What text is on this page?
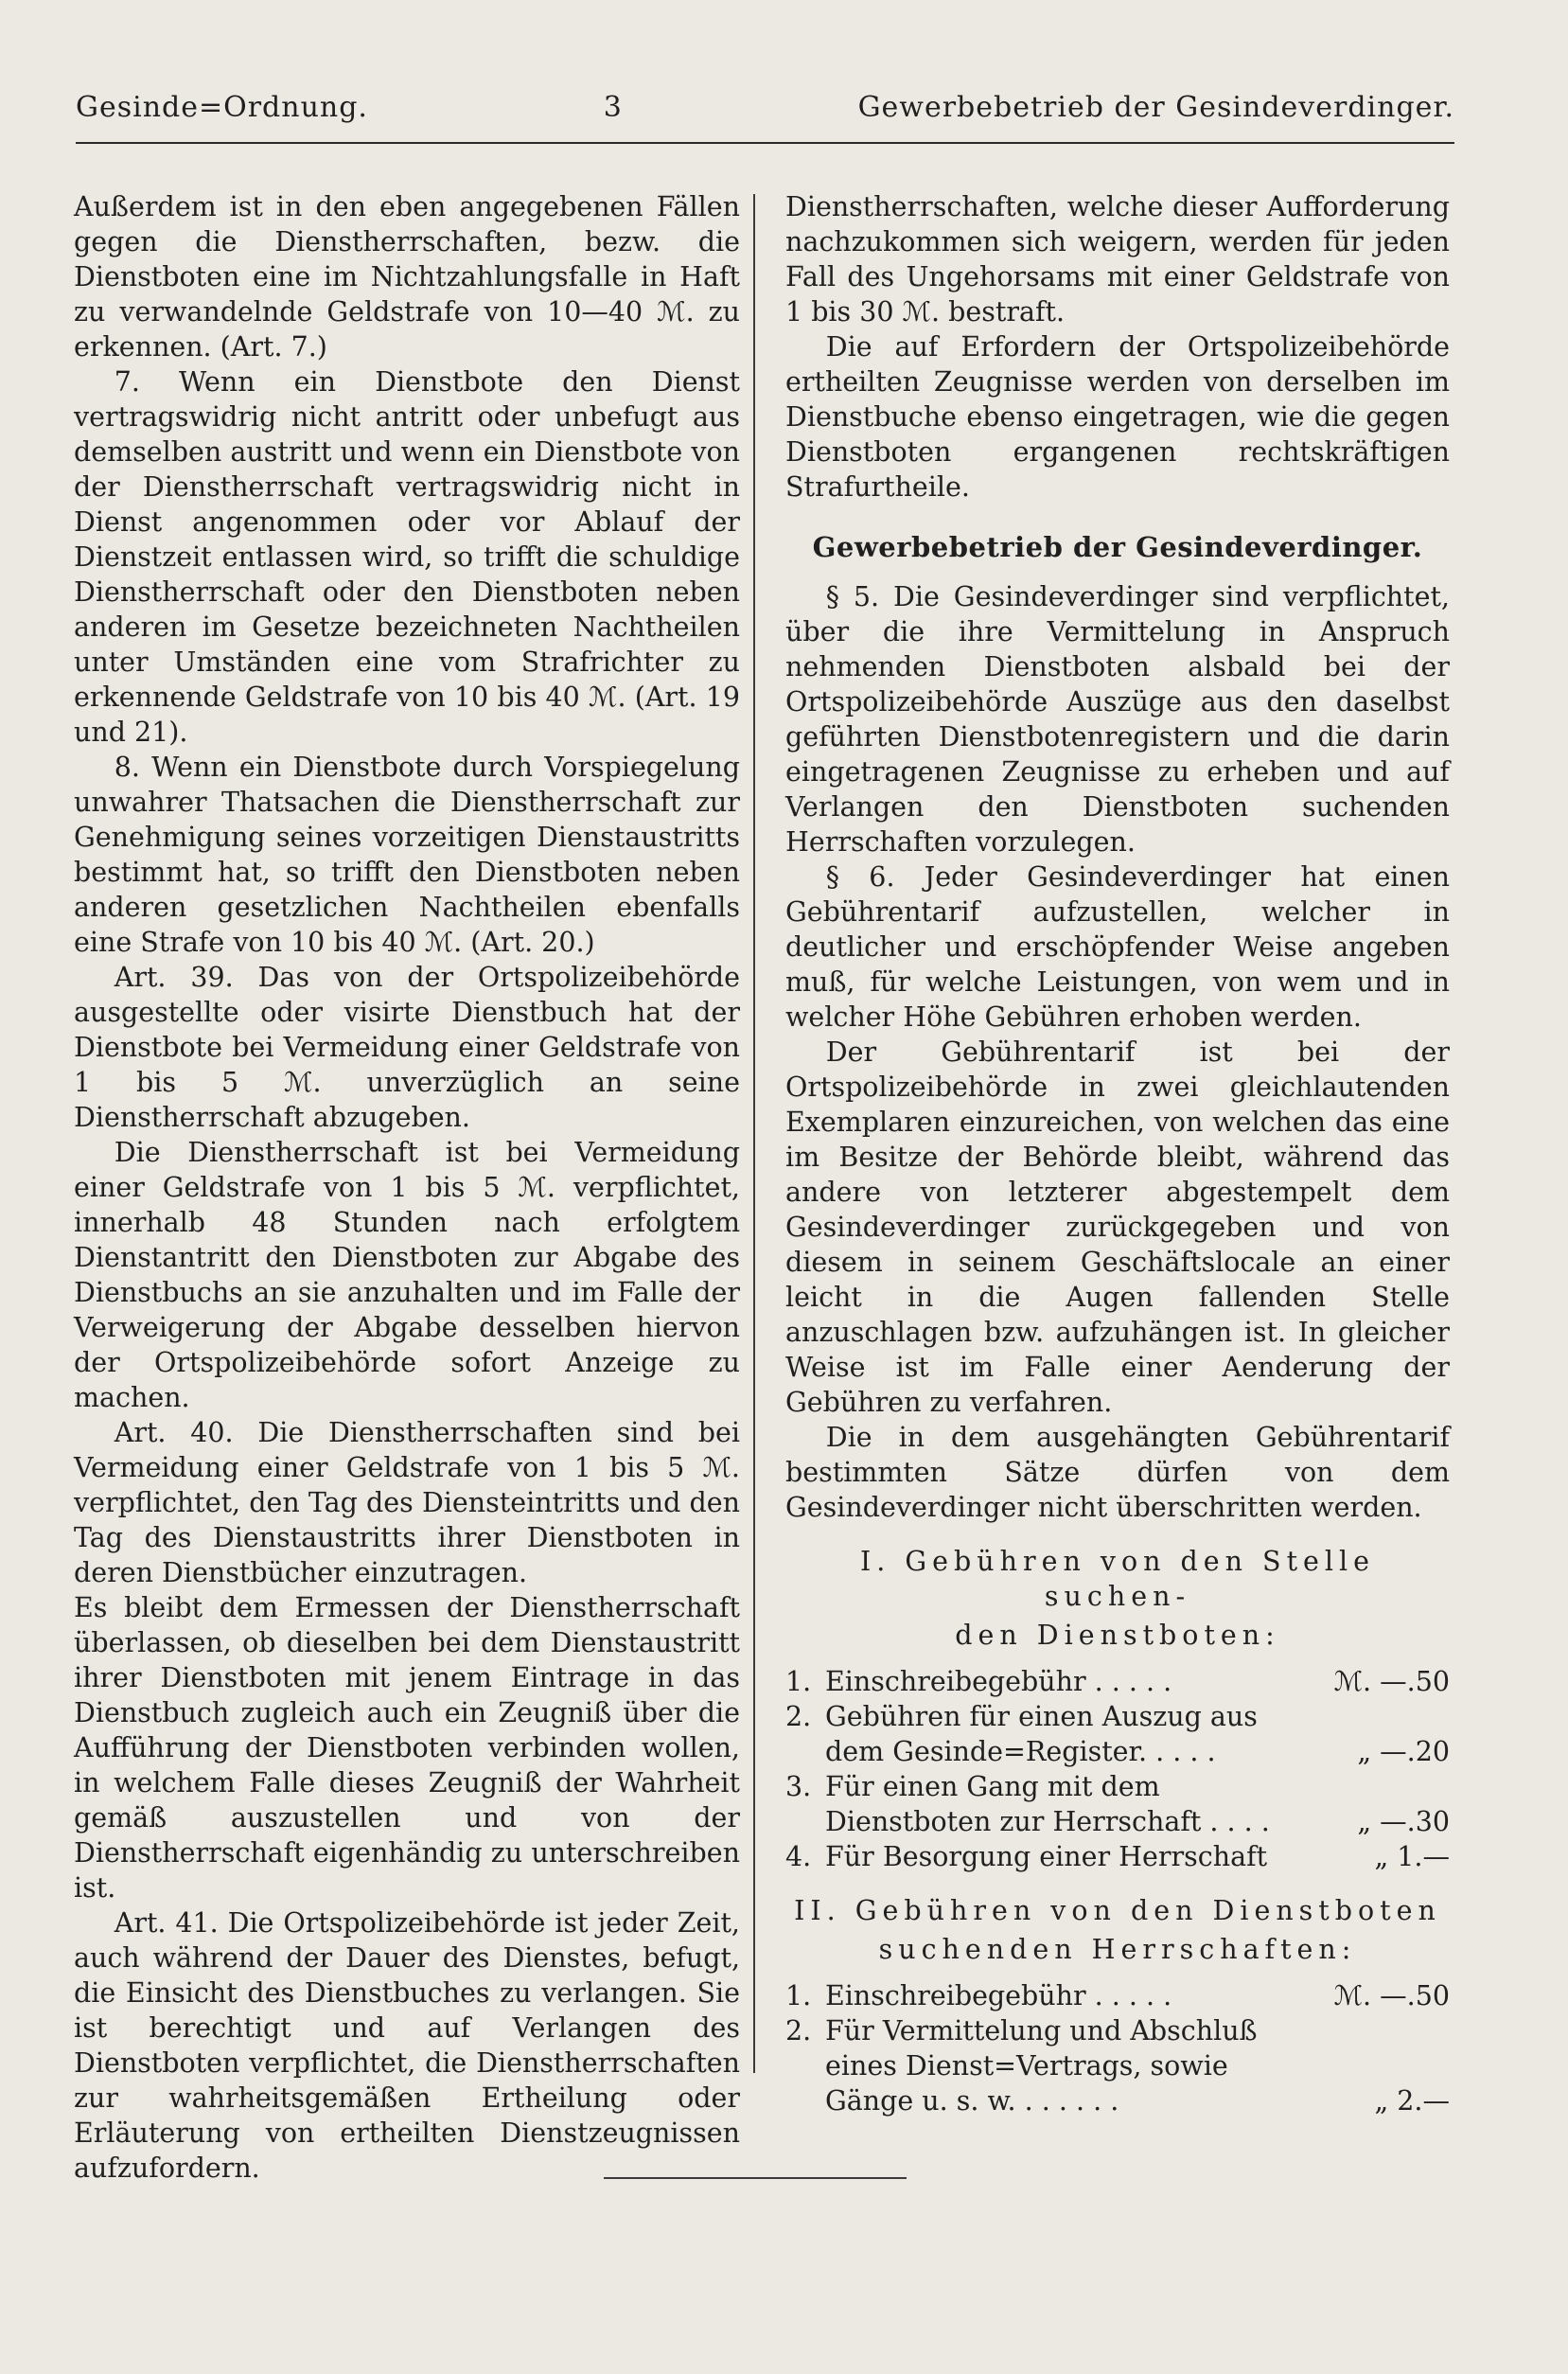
Gesinde=Ordnung.	3	Gewerbebetrieb der Gesindeverdinger.

Außerdem ist in den eben angegebenen Fällen gegen die Dienstherrschaften, bezw. die Dienstboten eine im Nichtzahlungsfalle in Haft zu verwandelnde Geldstrafe von 10—40 ℳ. zu erkennen. (Art. 7.)

7. Wenn ein Dienstbote den Dienst vertragswidrig nicht antritt oder unbefugt aus demselben austritt und wenn ein Dienstbote von der Dienstherrschaft vertragswidrig nicht in Dienst angenommen oder vor Ablauf der Dienstzeit entlassen wird, so trifft die schuldige Dienstherrschaft oder den Dienstboten neben anderen im Gesetze bezeichneten Nachtheilen unter Umständen eine vom Strafrichter zu erkennende Geldstrafe von 10 bis 40 ℳ. (Art. 19 und 21).

8. Wenn ein Dienstbote durch Vorspiegelung unwahrer Thatsachen die Dienstherrschaft zur Genehmigung seines vorzeitigen Dienstaustritts bestimmt hat, so trifft den Dienstboten neben anderen gesetzlichen Nachtheilen ebenfalls eine Strafe von 10 bis 40 ℳ. (Art. 20.)

Art. 39. Das von der Ortspolizeibehörde ausgestellte oder visirte Dienstbuch hat der Dienstbote bei Vermeidung einer Geldstrafe von 1 bis 5 ℳ. unverzüglich an seine Dienstherrschaft abzugeben.

Die Dienstherrschaft ist bei Vermeidung einer Geldstrafe von 1 bis 5 ℳ. verpflichtet, innerhalb 48 Stunden nach erfolgtem Dienstantritt den Dienstboten zur Abgabe des Dienstbuchs an sie anzuhalten und im Falle der Verweigerung der Abgabe desselben hiervon der Ortspolizeibehörde sofort Anzeige zu machen.

Art. 40. Die Dienstherrschaften sind bei Vermeidung einer Geldstrafe von 1 bis 5 ℳ. verpflichtet, den Tag des Diensteintritts und den Tag des Dienstaustritts ihrer Dienstboten in deren Dienstbücher einzutragen.

Es bleibt dem Ermessen der Dienstherrschaft überlassen, ob dieselben bei dem Dienstaustritt ihrer Dienstboten mit jenem Eintrage in das Dienstbuch zugleich auch ein Zeugniß über die Aufführung der Dienstboten verbinden wollen, in welchem Falle dieses Zeugniß der Wahrheit gemäß auszustellen und von der Dienstherrschaft eigenhändig zu unterschreiben ist.

Art. 41. Die Ortspolizeibehörde ist jeder Zeit, auch während der Dauer des Dienstes, befugt, die Einsicht des Dienstbuches zu verlangen. Sie ist berechtigt und auf Verlangen des Dienstboten verpflichtet, die Dienstherrschaften zur wahrheitsgemäßen Ertheilung oder Erläuterung von ertheilten Dienstzeugnissen aufzufordern.

Dienstherrschaften, welche dieser Aufforderung nachzukommen sich weigern, werden für jeden Fall des Ungehorsams mit einer Geldstrafe von 1 bis 30 ℳ. bestraft.

Die auf Erfordern der Ortspolizeibehörde ertheilten Zeugnisse werden von derselben im Dienstbuche ebenso eingetragen, wie die gegen Dienstboten ergangenen rechtskräftigen Strafurtheile.

Gewerbebetrieb der Gesindeverdinger.

§ 5. Die Gesindeverdinger sind verpflichtet, über die ihre Vermittelung in Anspruch nehmenden Dienstboten alsbald bei der Ortspolizeibehörde Auszüge aus den daselbst geführten Dienstbotenregistern und die darin eingetragenen Zeugnisse zu erheben und auf Verlangen den Dienstboten suchenden Herrschaften vorzulegen.

§ 6. Jeder Gesindeverdinger hat einen Gebührentarif aufzustellen, welcher in deutlicher und erschöpfender Weise angeben muß, für welche Leistungen, von wem und in welcher Höhe Gebühren erhoben werden.

Der Gebührentarif ist bei der Ortspolizeibehörde in zwei gleichlautenden Exemplaren einzureichen, von welchen das eine im Besitze der Behörde bleibt, während das andere von letzterer abgestempelt dem Gesindeverdinger zurückgegeben und von diesem in seinem Geschäftslocale an einer leicht in die Augen fallenden Stelle anzuschlagen bzw. aufzuhängen ist. In gleicher Weise ist im Falle einer Aenderung der Gebühren zu verfahren.

Die in dem ausgehängten Gebührentarif bestimmten Sätze dürfen von dem Gesindeverdinger nicht überschritten werden.

I. Gebühren von den Stelle suchen-
den Dienstboten:
1. Einschreibegebühr . . . . .	ℳ. —.50
2. Gebühren für einen Auszug aus dem Gesinde=Register. . . . .	„ —.20
3. Für einen Gang mit dem Dienstboten zur Herrschaft . . . .	„ —.30
4. Für Besorgung einer Herrschaft	„ 1.—
II. Gebühren von den Dienstboten
suchenden Herrschaften:
1. Einschreibegebühr . . . . .	ℳ. —.50
2. Für Vermittelung und Abschluß eines Dienst=Vertrags, sowie Gänge u. s. w. . . . . . .	„ 2.—
